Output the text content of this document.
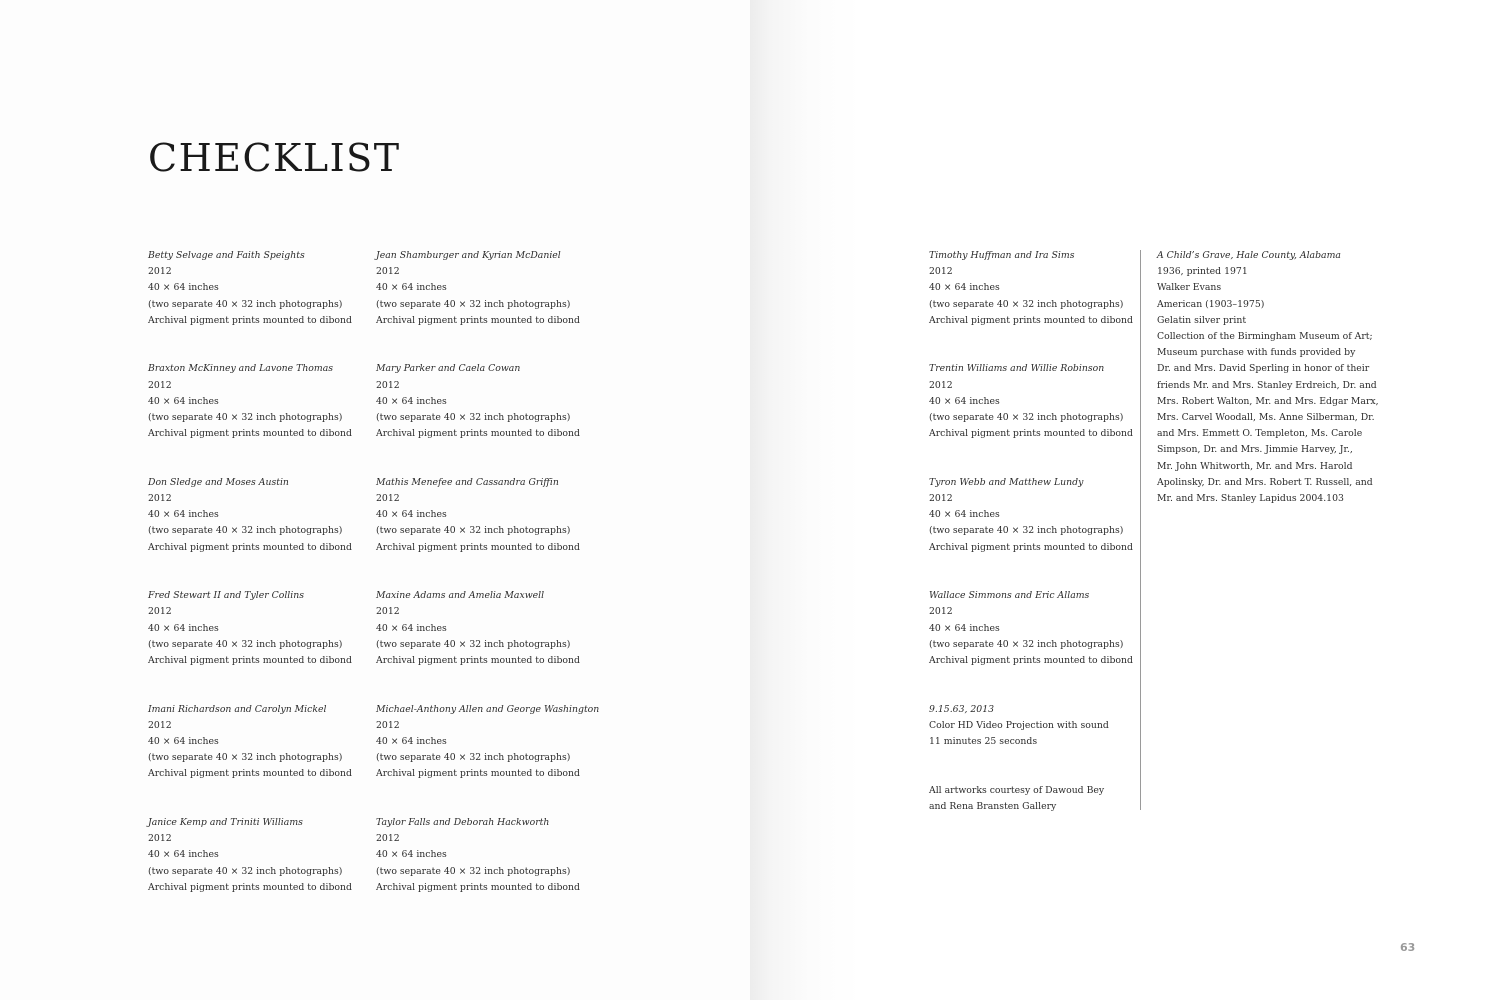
CHECKLIST
Betty Selvage and Faith Speights
2012
40 × 64 inches
(two separate 40 × 32 inch photographs)
Archival pigment prints mounted to dibond
Braxton McKinney and Lavone Thomas
2012
40 × 64 inches
(two separate 40 × 32 inch photographs)
Archival pigment prints mounted to dibond
Don Sledge and Moses Austin
2012
40 × 64 inches
(two separate 40 × 32 inch photographs)
Archival pigment prints mounted to dibond
Fred Stewart II and Tyler Collins
2012
40 × 64 inches
(two separate 40 × 32 inch photographs)
Archival pigment prints mounted to dibond
Imani Richardson and Carolyn Mickel
2012
40 × 64 inches
(two separate 40 × 32 inch photographs)
Archival pigment prints mounted to dibond
Janice Kemp and Triniti Williams
2012
40 × 64 inches
(two separate 40 × 32 inch photographs)
Archival pigment prints mounted to dibond
Jean Shamburger and Kyrian McDaniel
2012
40 × 64 inches
(two separate 40 × 32 inch photographs)
Archival pigment prints mounted to dibond
Mary Parker and Caela Cowan
2012
40 × 64 inches
(two separate 40 × 32 inch photographs)
Archival pigment prints mounted to dibond
Mathis Menefee and Cassandra Griffin
2012
40 × 64 inches
(two separate 40 × 32 inch photographs)
Archival pigment prints mounted to dibond
Maxine Adams and Amelia Maxwell
2012
40 × 64 inches
(two separate 40 × 32 inch photographs)
Archival pigment prints mounted to dibond
Michael-Anthony Allen and George Washington
2012
40 × 64 inches
(two separate 40 × 32 inch photographs)
Archival pigment prints mounted to dibond
Taylor Falls and Deborah Hackworth
2012
40 × 64 inches
(two separate 40 × 32 inch photographs)
Archival pigment prints mounted to dibond
Timothy Huffman and Ira Sims
2012
40 × 64 inches
(two separate 40 × 32 inch photographs)
Archival pigment prints mounted to dibond
Trentin Williams and Willie Robinson
2012
40 × 64 inches
(two separate 40 × 32 inch photographs)
Archival pigment prints mounted to dibond
Tyron Webb and Matthew Lundy
2012
40 × 64 inches
(two separate 40 × 32 inch photographs)
Archival pigment prints mounted to dibond
Wallace Simmons and Eric Allams
2012
40 × 64 inches
(two separate 40 × 32 inch photographs)
Archival pigment prints mounted to dibond
9.15.63, 2013
Color HD Video Projection with sound
11 minutes 25 seconds
All artworks courtesy of Dawoud Bey
and Rena Bransten Gallery
A Child’s Grave, Hale County, Alabama
1936, printed 1971
Walker Evans
American (1903–1975)
Gelatin silver print
Collection of the Birmingham Museum of Art;
Museum purchase with funds provided by
Dr. and Mrs. David Sperling in honor of their
friends Mr. and Mrs. Stanley Erdreich, Dr. and
Mrs. Robert Walton, Mr. and Mrs. Edgar Marx,
Mrs. Carvel Woodall, Ms. Anne Silberman, Dr.
and Mrs. Emmett O. Templeton, Ms. Carole
Simpson, Dr. and Mrs. Jimmie Harvey, Jr.,
Mr. John Whitworth, Mr. and Mrs. Harold
Apolinsky, Dr. and Mrs. Robert T. Russell, and
Mr. and Mrs. Stanley Lapidus 2004.103
63
